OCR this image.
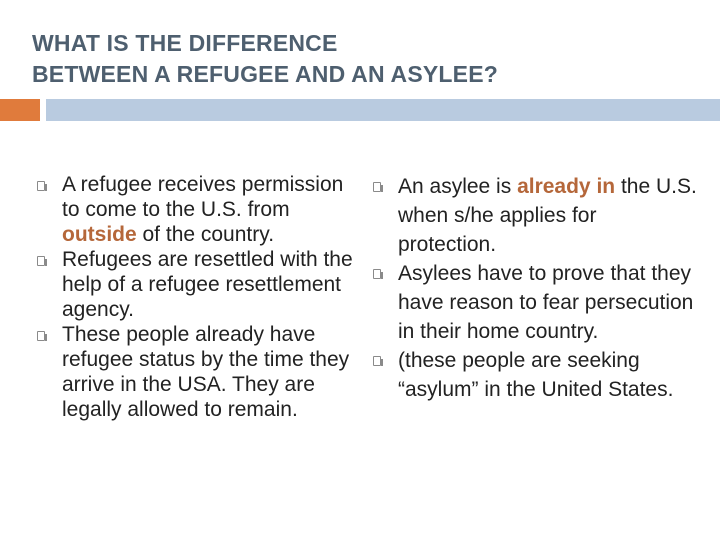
WHAT IS THE DIFFERENCE
BETWEEN A REFUGEE AND AN ASYLEE?
A refugee receives permission to come to the U.S. from outside of the country.
Refugees are resettled with the help of a refugee resettlement agency.
These people already have refugee status by the time they arrive in the USA. They are legally allowed to remain.
An asylee is already in the U.S. when s/he applies for protection.
Asylees have to prove that they have reason to fear persecution in their home country.
(these people are seeking “asylum” in the United States.
